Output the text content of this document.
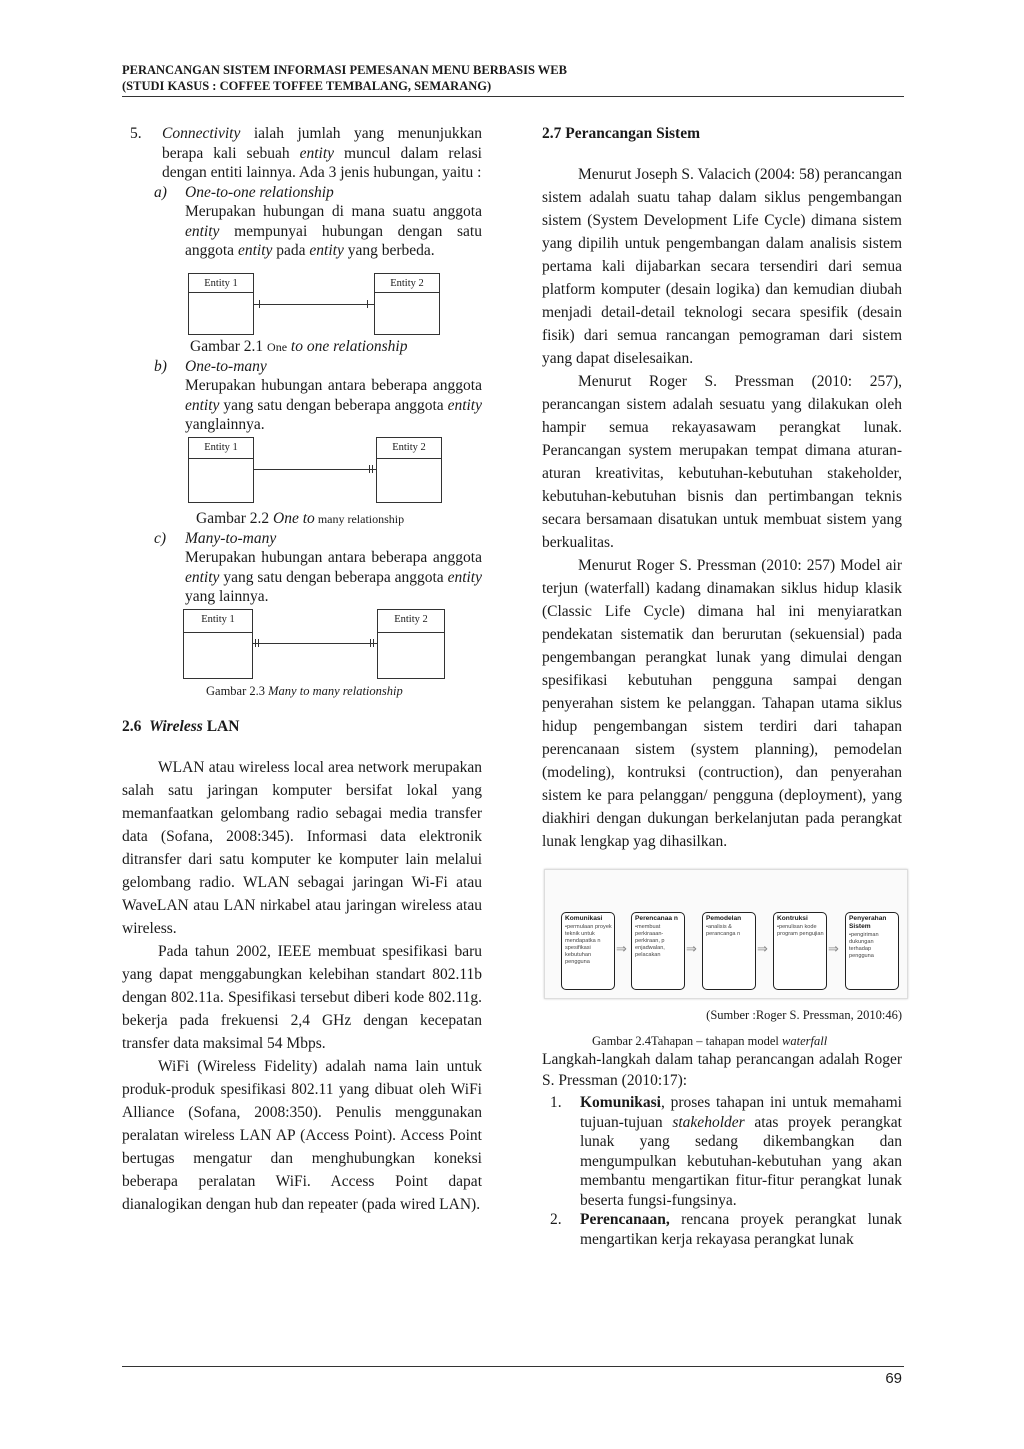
PERANCANGAN SISTEM INFORMASI PEMESANAN MENU BERBASIS WEB
(STUDI KASUS : COFFEE TOFFEE TEMBALANG, SEMARANG)
5. Connectivity ialah jumlah yang menunjukkan berapa kali sebuah entity muncul dalam relasi dengan entiti lainnya. Ada 3 jenis hubungan, yaitu :
a) One-to-one relationship
Merupakan hubungan di mana suatu anggota entity mempunyai hubungan dengan satu anggota entity pada entity yang berbeda.
Entity 1	Entity 2
Gambar 2.1 One to one relationship
b) One-to-many
Merupakan hubungan antara beberapa anggota entity yang satu dengan beberapa anggota entity yanglainnya.
Entity 1	Entity 2
Gambar 2.2 One to many relationship
c) Many-to-many
Merupakan hubungan antara beberapa anggota entity yang satu dengan beberapa anggota entity yang lainnya.
Entity 1	Entity 2
Gambar 2.3 Many to many relationship
2.6 Wireless LAN

WLAN atau wireless local area network merupakan salah satu jaringan komputer bersifat lokal yang memanfaatkan gelombang radio sebagai media transfer data (Sofana, 2008:345). Informasi data elektronik ditransfer dari satu komputer ke komputer lain melalui gelombang radio. WLAN sebagai jaringan Wi-Fi atau WaveLAN atau LAN nirkabel atau jaringan wireless atau wireless.

Pada tahun 2002, IEEE membuat spesifikasi baru yang dapat menggabungkan kelebihan standart 802.11b dengan 802.11a. Spesifikasi tersebut diberi kode 802.11g. bekerja pada frekuensi 2,4 GHz dengan kecepatan transfer data maksimal 54 Mbps.

WiFi (Wireless Fidelity) adalah nama lain untuk produk-produk spesifikasi 802.11 yang dibuat oleh WiFi Alliance (Sofana, 2008:350). Penulis menggunakan peralatan wireless LAN AP (Access Point). Access Point bertugas mengatur dan menghubungkan koneksi beberapa peralatan WiFi. Access Point dapat dianalogikan dengan hub dan repeater (pada wired LAN).

2.7 Perancangan Sistem

Menurut Joseph S. Valacich (2004: 58) perancangan sistem adalah suatu tahap dalam siklus pengembangan sistem (System Development Life Cycle) dimana sistem yang dipilih untuk pengembangan dalam analisis sistem pertama kali dijabarkan secara tersendiri dari semua platform komputer (desain logika) dan kemudian diubah menjadi detail-detail teknologi secara spesifik (desain fisik) dari semua rancangan pemograman dari sistem yang dapat diselesaikan.

Menurut Roger S. Pressman (2010: 257), perancangan sistem adalah sesuatu yang dilakukan oleh hampir semua rekayasawam perangkat lunak. Perancangan system merupakan tempat dimana aturan-aturan kreativitas, kebutuhan-kebutuhan stakeholder, kebutuhan-kebutuhan bisnis dan pertimbangan teknis secara bersamaan disatukan untuk membuat sistem yang berkualitas.

Menurut Roger S. Pressman (2010: 257) Model air terjun (waterfall) kadang dinamakan siklus hidup klasik (Classic Life Cycle) dimana hal ini menyiaratkan pendekatan sistematik dan berurutan (sekuensial) pada pengembangan perangkat lunak yang dimulai dengan spesifikasi kebutuhan pengguna sampai dengan penyerahan sistem ke pelanggan. Tahapan utama siklus hidup pengembangan sistem terdiri dari tahapan perencanaan sistem (system planning), pemodelan (modeling), kontruksi (contruction), dan penyerahan sistem ke para pelanggan/ pengguna (deployment), yang diakhiri dengan dukungan berkelanjutan pada perangkat lunak lengkap yag dihasilkan.

Komunikasi
•permulaan proyek teknik untuk mendapatka n spesifikasi kebutuhan pengguna
⇒
Perencanaa n
•membuat perkiraaan-perkiraan, p enjadwalan, pelacakan	⇒
Pemodelan
•analisis & perancanga n
⇒
Kontruksi
•penulisan kode program pengujian
⇒
Penyerahan Sistem
•pengiriman dukungan terhadap pengguna
(Sumber :Roger S. Pressman, 2010:46)
Gambar 2.4Tahapan – tahapan model waterfall

Langkah-langkah dalam tahap perancangan adalah Roger S. Pressman (2010:17):

1. Komunikasi, proses tahapan ini untuk memahami tujuan-tujuan stakeholder atas proyek perangkat lunak yang sedang dikembangkan dan mengumpulkan kebutuhan-kebutuhan yang akan membantu mengartikan fitur-fitur perangkat lunak beserta fungsi-fungsinya.
2. Perencanaan, rencana proyek perangkat lunak mengartikan kerja rekayasa perangkat lunak
69
